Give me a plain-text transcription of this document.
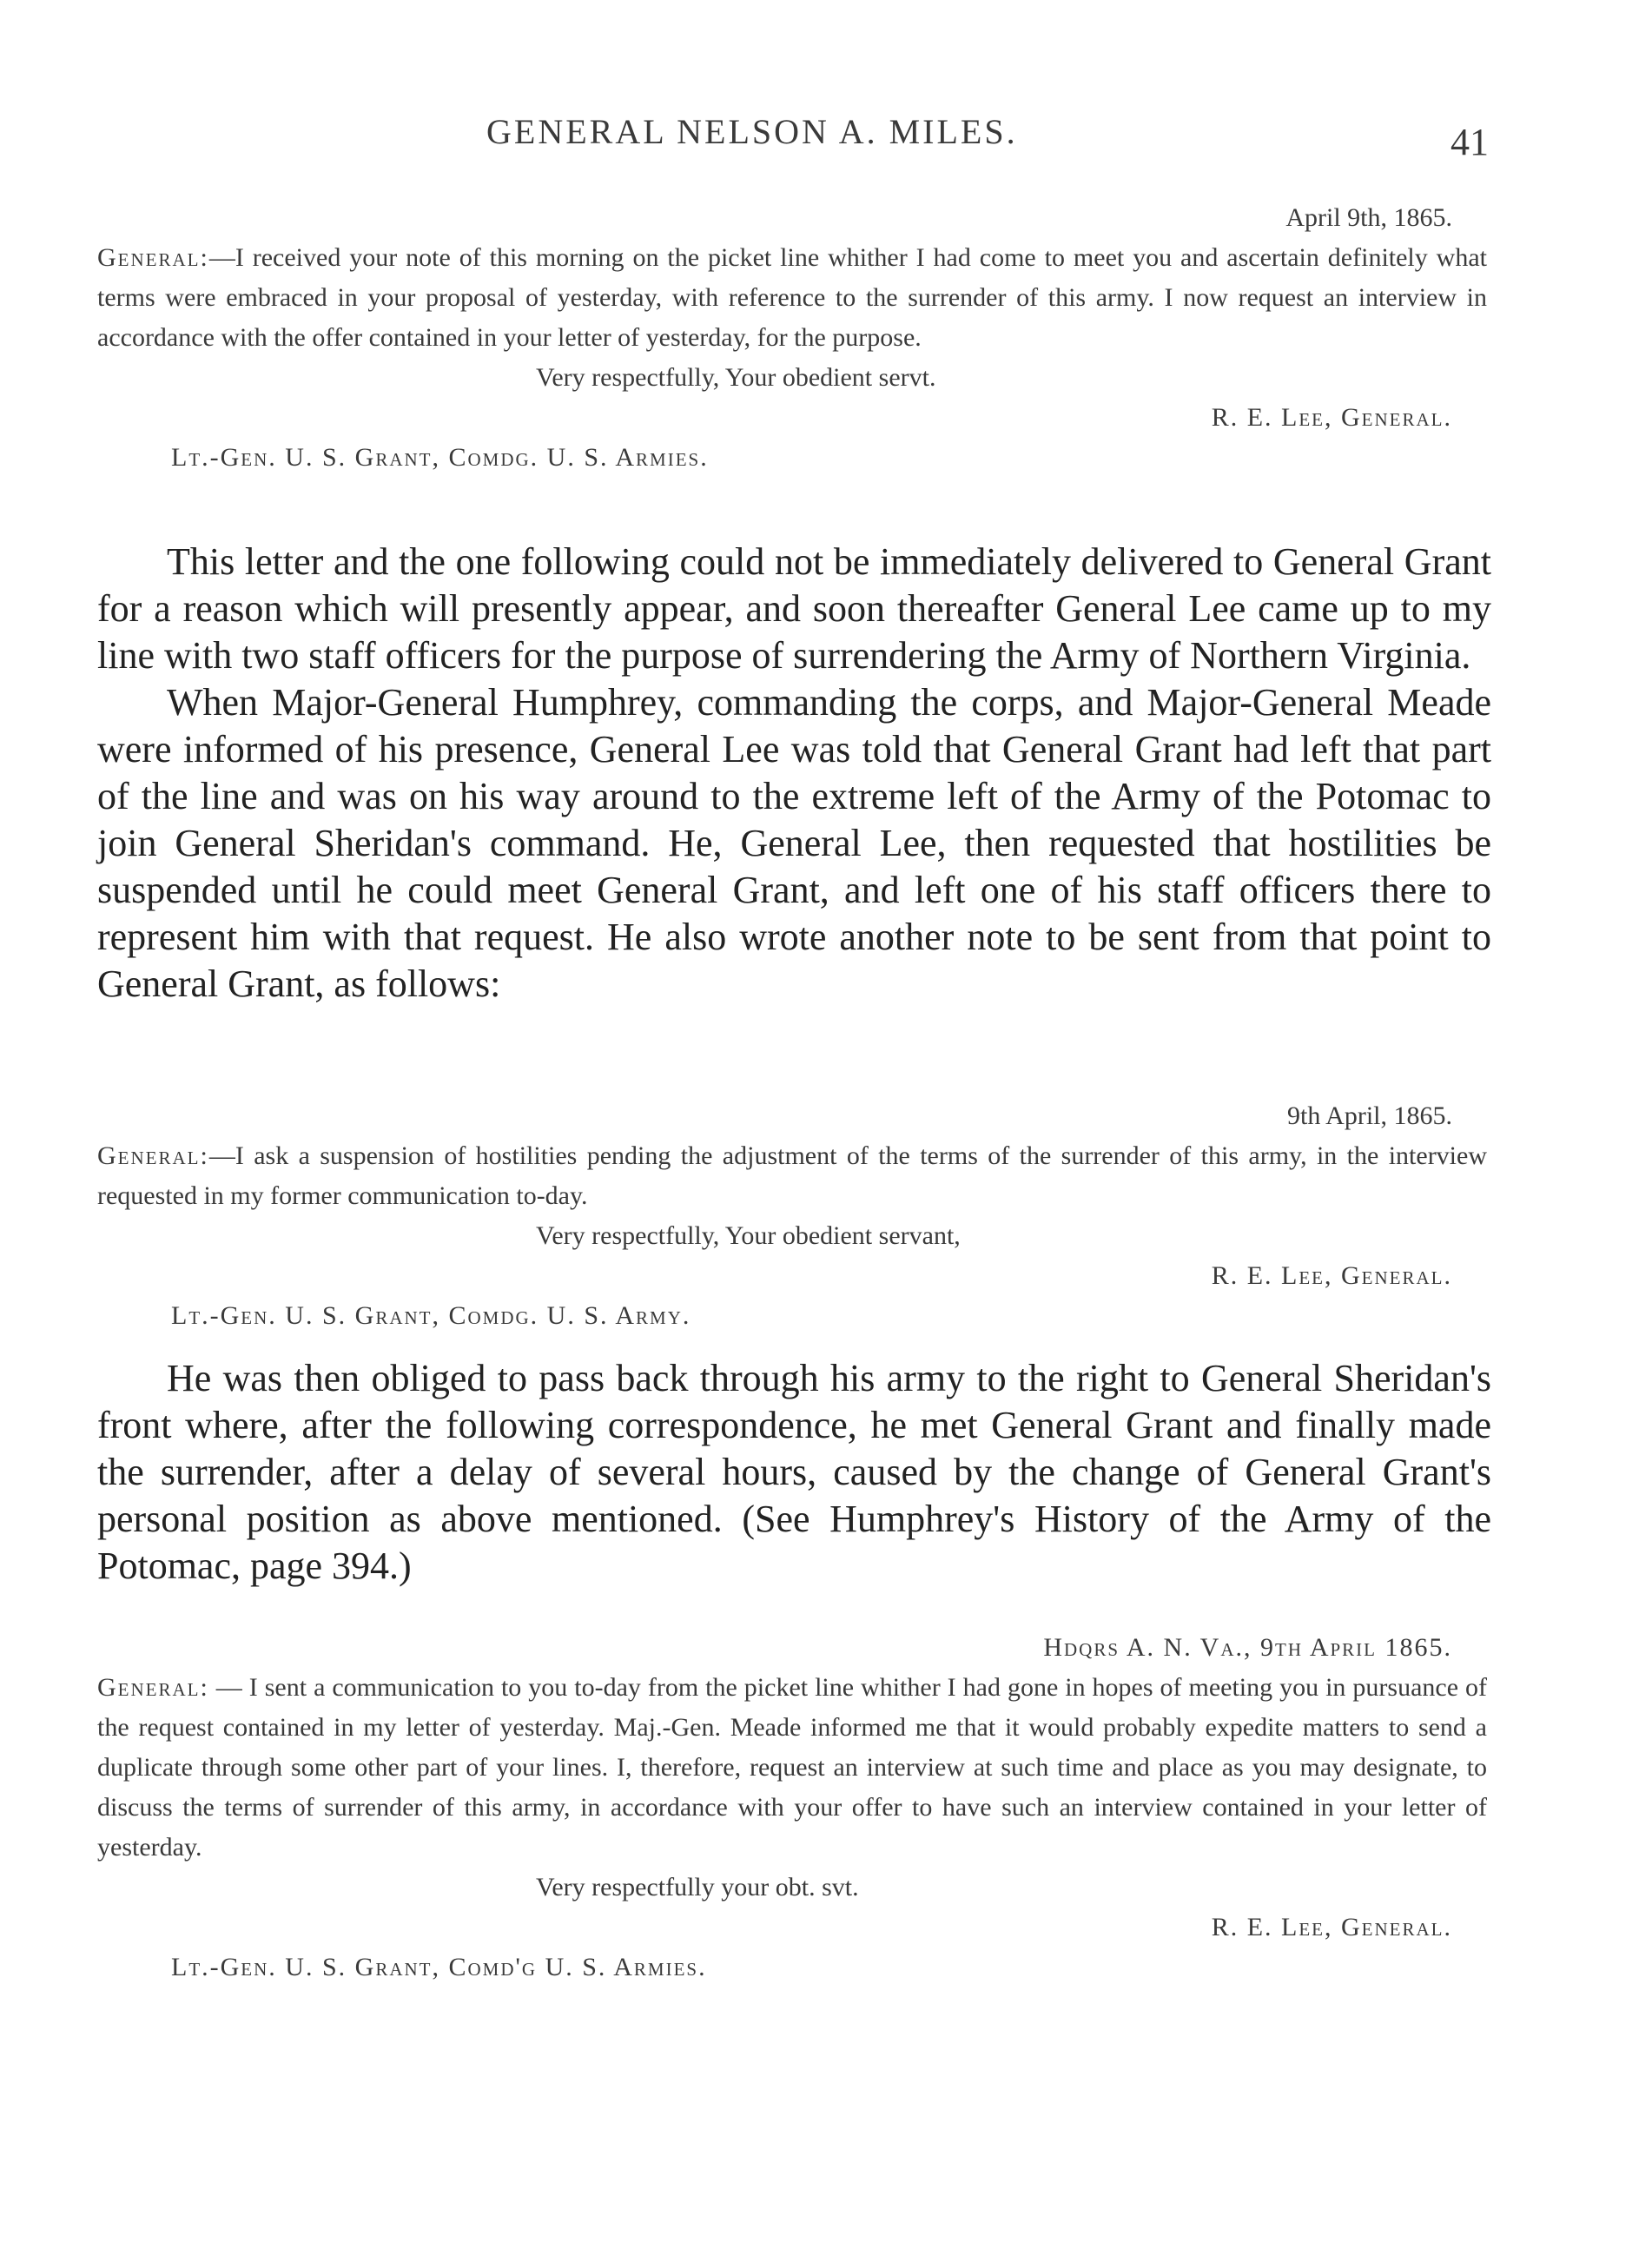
GENERAL NELSON A. MILES.	41
April 9th, 1865.
General:—I received your note of this morning on the picket line whither I had come to meet you and ascertain definitely what terms were embraced in your proposal of yesterday, with reference to the surrender of this army. I now request an interview in accordance with the offer contained in your letter of yesterday, for the purpose.
Very respectfully, Your obedient servt.
R. E. Lee, General.
Lt.-Gen. U. S. Grant, Comdg. U. S. Armies.

This letter and the one following could not be immediately delivered to General Grant for a reason which will presently appear, and soon thereafter General Lee came up to my line with two staff officers for the purpose of surrendering the Army of Northern Virginia.

When Major-General Humphrey, commanding the corps, and Major-General Meade were informed of his presence, General Lee was told that General Grant had left that part of the line and was on his way around to the extreme left of the Army of the Potomac to join General Sheridan's command. He, General Lee, then requested that hostilities be suspended until he could meet General Grant, and left one of his staff officers there to represent him with that request. He also wrote another note to be sent from that point to General Grant, as follows:

9th April, 1865.
General:—I ask a suspension of hostilities pending the adjustment of the terms of the surrender of this army, in the interview requested in my former communication to-day.
Very respectfully, Your obedient servant,
R. E. Lee, General.
Lt.-Gen. U. S. Grant, Comdg. U. S. Army.

He was then obliged to pass back through his army to the right to General Sheridan's front where, after the following correspondence, he met General Grant and finally made the surrender, after a delay of several hours, caused by the change of General Grant's personal position as above mentioned. (See Humphrey's History of the Army of the Potomac, page 394.)

Hdqrs A. N. Va., 9th April 1865.
General: — I sent a communication to you to-day from the picket line whither I had gone in hopes of meeting you in pursuance of the request contained in my letter of yesterday. Maj.-Gen. Meade informed me that it would probably expedite matters to send a duplicate through some other part of your lines. I, therefore, request an interview at such time and place as you may designate, to discuss the terms of surrender of this army, in accordance with your offer to have such an interview contained in your letter of yesterday.
Very respectfully your obt. svt.
R. E. Lee, General.
Lt.-Gen. U. S. Grant, Comd'g U. S. Armies.
